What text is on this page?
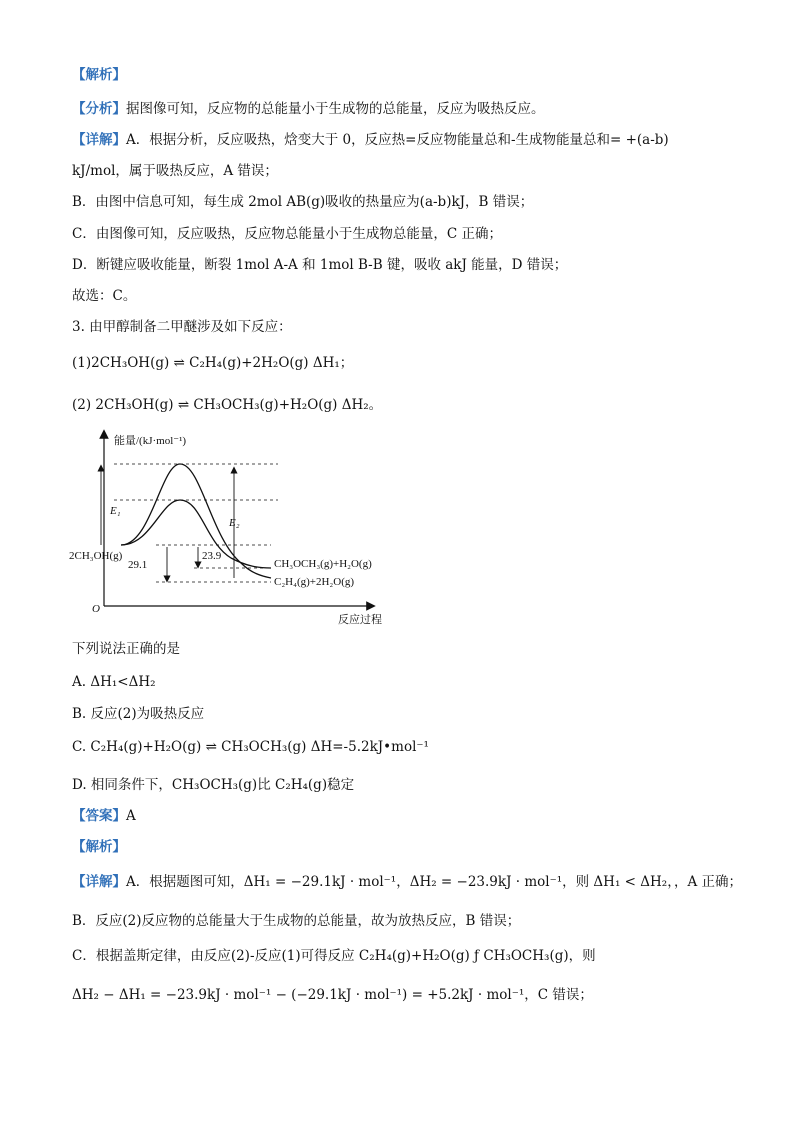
【解析】
【分析】据图像可知，反应物的总能量小于生成物的总能量，反应为吸热反应。
【详解】A．根据分析，反应吸热，焓变大于 0，反应热=反应物能量总和-生成物能量总和= +(a-b)
kJ/mol，属于吸热反应，A 错误；
B．由图中信息可知，每生成 2mol AB(g)吸收的热量应为(a-b)kJ，B 错误；
C．由图像可知，反应吸热，反应物总能量小于生成物总能量，C 正确；
D．断键应吸收能量，断裂 1mol A-A 和 1mol B-B 键，吸收 akJ 能量，D 错误；
故选：C。
3. 由甲醇制备二甲醚涉及如下反应：
(1)2CH₃OH(g) ⇌ C₂H₄(g)+2H₂O(g) ΔH₁；
(2) 2CH₃OH(g) ⇌ CH₃OCH₃(g)+H₂O(g) ΔH₂。
能量/(kJ·mol⁻¹)
反应过程
O
E₁
E₂
29.1
23.9
2CH₃OH(g)
CH₃OCH₃(g)+H₂O(g)
C₂H₄(g)+2H₂O(g)
下列说法正确的是
A. ΔH₁<ΔH₂
B. 反应(2)为吸热反应
C. C₂H₄(g)+H₂O(g) ⇌ CH₃OCH₃(g) ΔH=-5.2kJ•mol⁻¹
D. 相同条件下，CH₃OCH₃(g)比 C₂H₄(g)稳定
【答案】A
【解析】
【详解】A．根据题图可知，ΔH₁ = −29.1kJ · mol⁻¹，ΔH₂ = −23.9kJ · mol⁻¹，则 ΔH₁ < ΔH₂，，A 正确；
B．反应(2)反应物的总能量大于生成物的总能量，故为放热反应，B 错误；
C．根据盖斯定律，由反应(2)-反应(1)可得反应 C₂H₄(g)+H₂O(g) ƒ CH₃OCH₃(g)，则
ΔH₂ − ΔH₁ = −23.9kJ · mol⁻¹ − (−29.1kJ · mol⁻¹) = +5.2kJ · mol⁻¹，C 错误；
